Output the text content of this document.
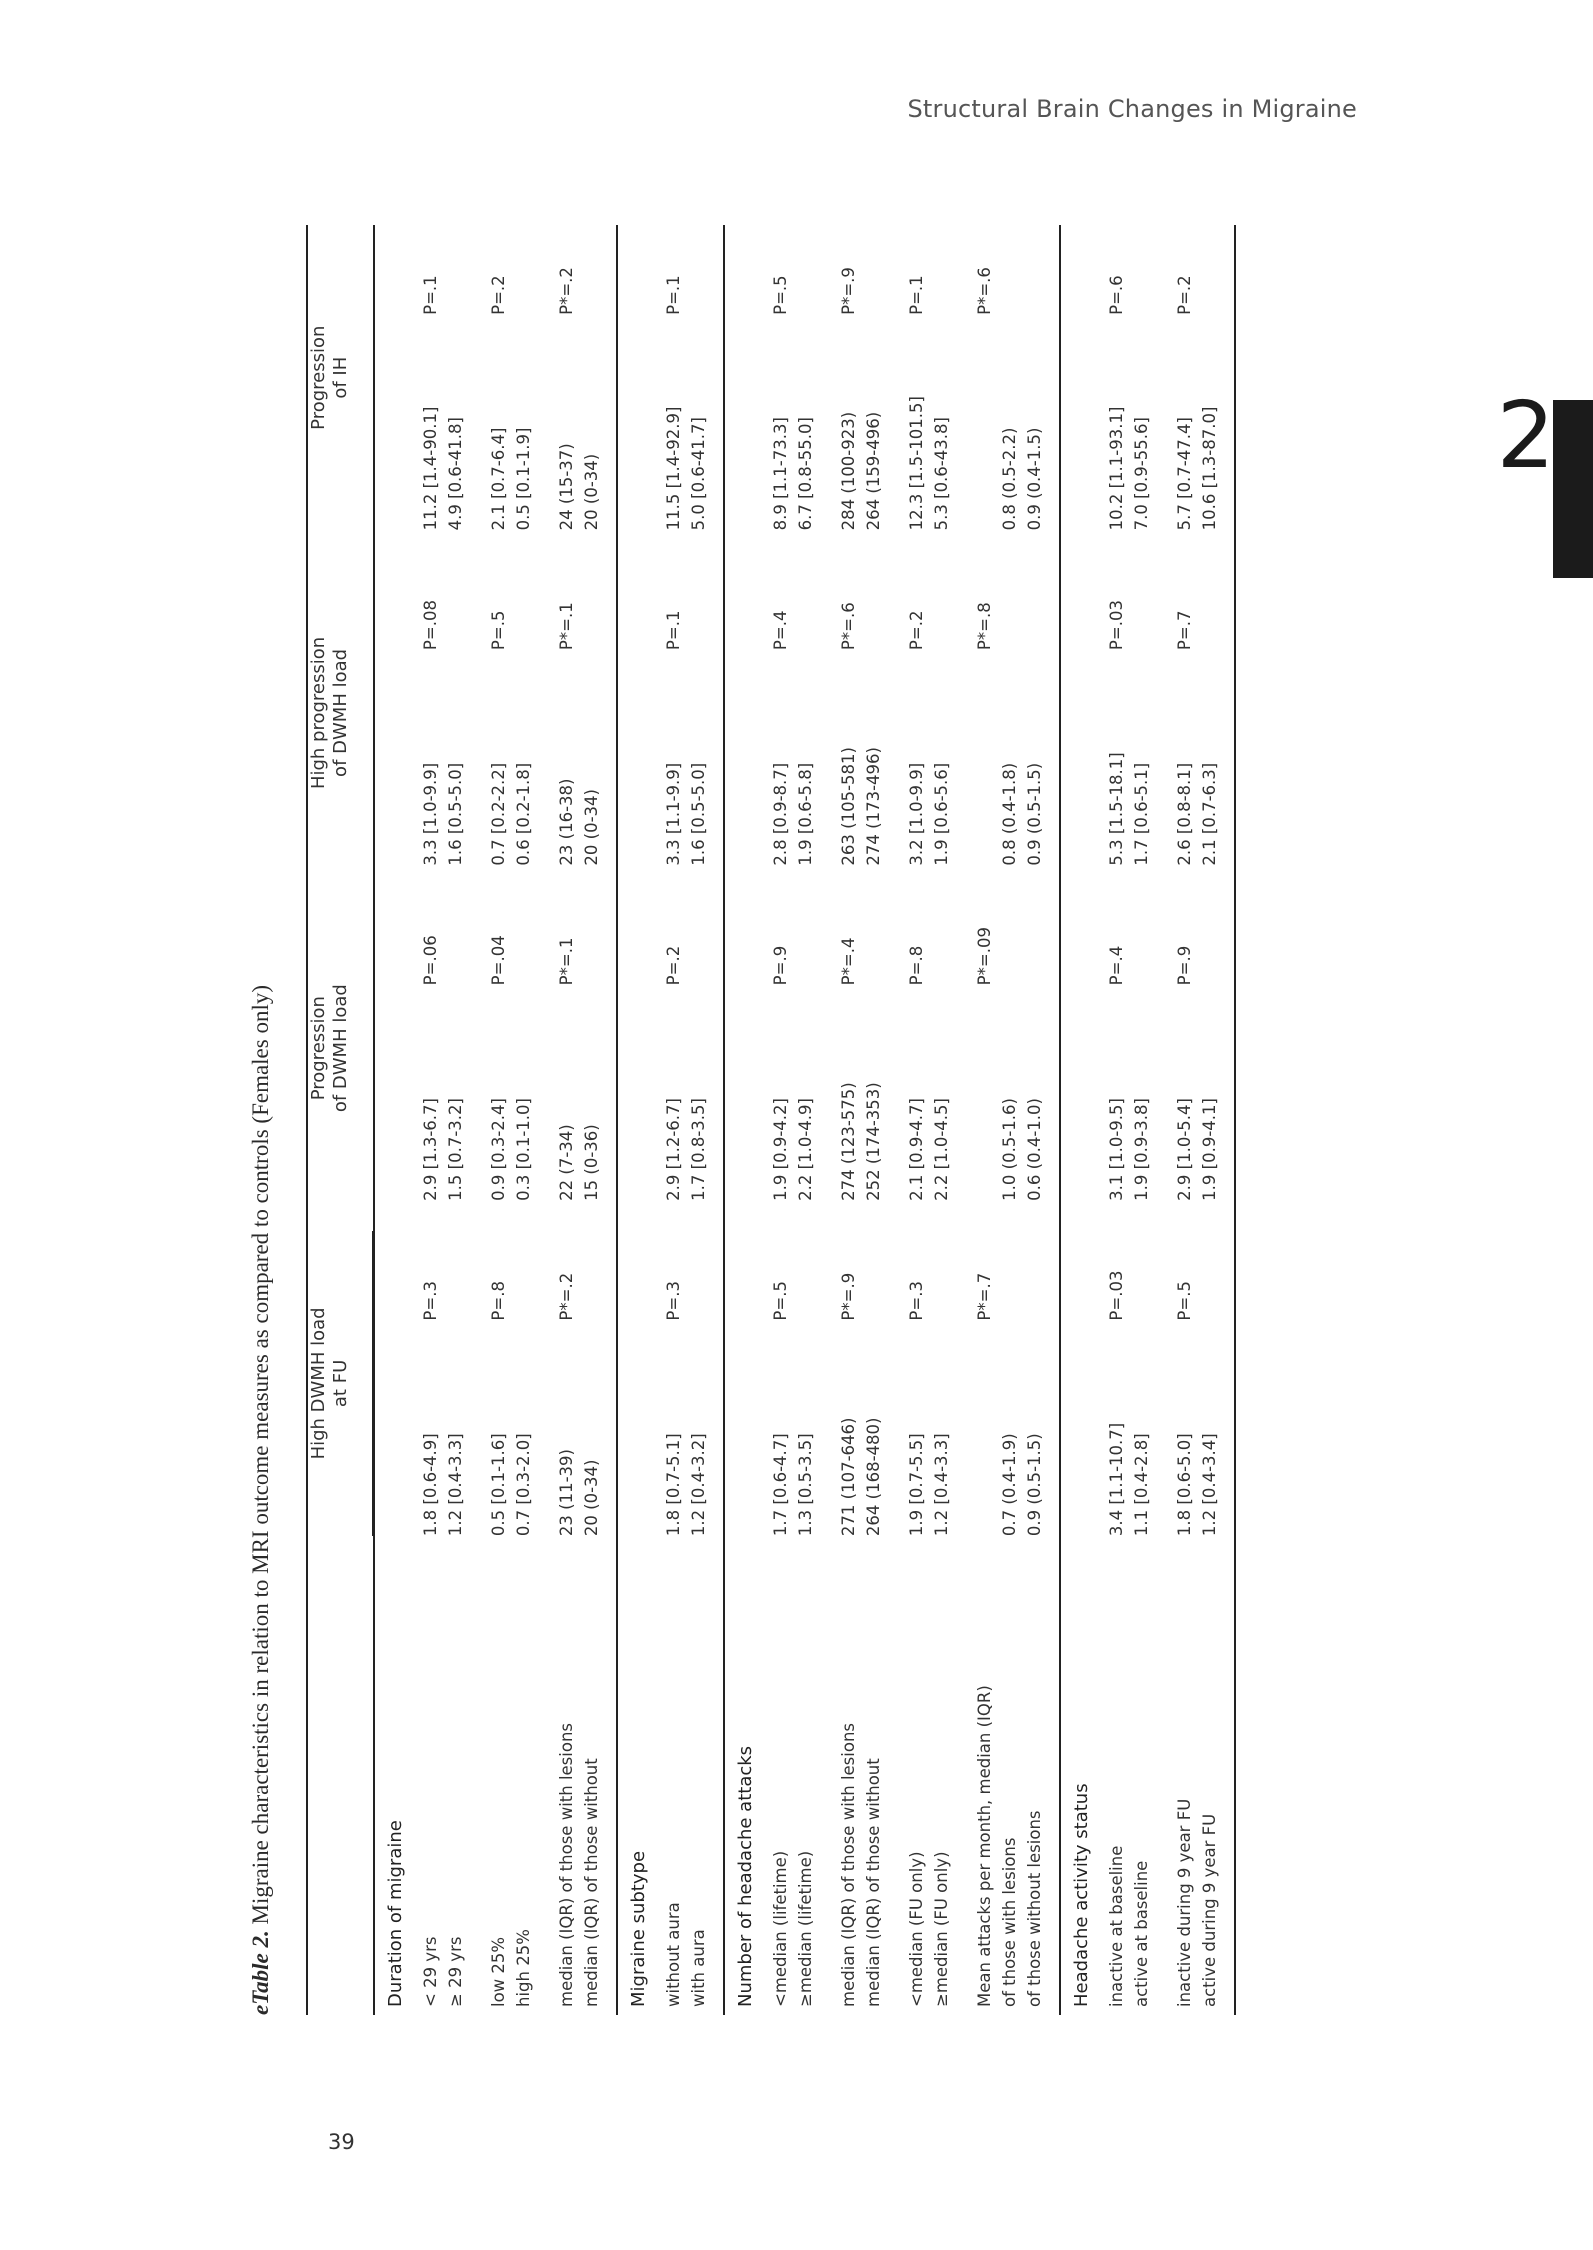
Structural Brain Changes in Migraine
2
39
eTable 2. Migraine characteristics in relation to MRI outcome measures as compared to controls (Females only)

	High DWMH load at FU			Progression of DWMH load			High progression of DWMH load			Progression of IH	

Duration of migraine											

< 29 yrs ≥ 29 yrs	1.8 [0.6-4.9] 1.2 [0.4-3.3]	P=.3		2.9 [1.3-6.7] 1.5 [0.7-3.2]	P=.06		3.3 [1.0-9.9] 1.6 [0.5-5.0]	P=.08		11.2 [1.4-90.1] 4.9 [0.6-41.8]	P=.1

low 25% high 25%	0.5 [0.1-1.6] 0.7 [0.3-2.0]	P=.8		0.9 [0.3-2.4] 0.3 [0.1-1.0]	P=.04		0.7 [0.2-2.2] 0.6 [0.2-1.8]	P=.5		2.1 [0.7-6.4] 0.5 [0.1-1.9]	P=.2

median (IQR) of those with lesions median (IQR) of those without	23 (11-39) 20 (0-34)	P*=.2		22 (7-34) 15 (0-36)	P*=.1		23 (16-38) 20 (0-34)	P*=.1		24 (15-37) 20 (0-34)	P*=.2
Migraine subtype											

without aura with aura	1.8 [0.7-5.1] 1.2 [0.4-3.2]	P=.3		2.9 [1.2-6.7] 1.7 [0.8-3.5]	P=.2		3.3 [1.1-9.9] 1.6 [0.5-5.0]	P=.1		11.5 [1.4-92.9] 5.0 [0.6-41.7]	P=.1
Number of headache attacks											

<median (lifetime) ≥median (lifetime)	1.7 [0.6-4.7] 1.3 [0.5-3.5]	P=.5		1.9 [0.9-4.2] 2.2 [1.0-4.9]	P=.9		2.8 [0.9-8.7] 1.9 [0.6-5.8]	P=.4		8.9 [1.1-73.3] 6.7 [0.8-55.0]	P=.5

median (IQR) of those with lesions median (IQR) of those without	271 (107-646) 264 (168-480)	P*=.9		274 (123-575) 252 (174-353)	P*=.4		263 (105-581) 274 (173-496)	P*=.6		284 (100-923) 264 (159-496)	P*=.9

<median (FU only) ≥median (FU only)	1.9 [0.7-5.5] 1.2 [0.4-3.3]	P=.3		2.1 [0.9-4.7] 2.2 [1.0-4.5]	P=.8		3.2 [1.0-9.9] 1.9 [0.6-5.6]	P=.2		12.3 [1.5-101.5] 5.3 [0.6-43.8]	P=.1

Mean attacks per month, median (IQR) of those with lesions of those without lesions	0.7 (0.4-1.9) 0.9 (0.5-1.5)	P*=.7		1.0 (0.5-1.6) 0.6 (0.4-1.0)	P*=.09		0.8 (0.4-1.8) 0.9 (0.5-1.5)	P*=.8		0.8 (0.5-2.2) 0.9 (0.4-1.5)	P*=.6
Headache activity status											

inactive at baseline active at baseline	3.4 [1.1-10.7] 1.1 [0.4-2.8]	P=.03		3.1 [1.0-9.5] 1.9 [0.9-3.8]	P=.4		5.3 [1.5-18.1] 1.7 [0.6-5.1]	P=.03		10.2 [1.1-93.1] 7.0 [0.9-55.6]	P=.6

inactive during 9 year FU active during 9 year FU	1.8 [0.6-5.0] 1.2 [0.4-3.4]	P=.5		2.9 [1.0-5.4] 1.9 [0.9-4.1]	P=.9		2.6 [0.8-8.1] 2.1 [0.7-6.3]	P=.7		5.7 [0.7-47.4] 10.6 [1.3-87.0]	P=.2
